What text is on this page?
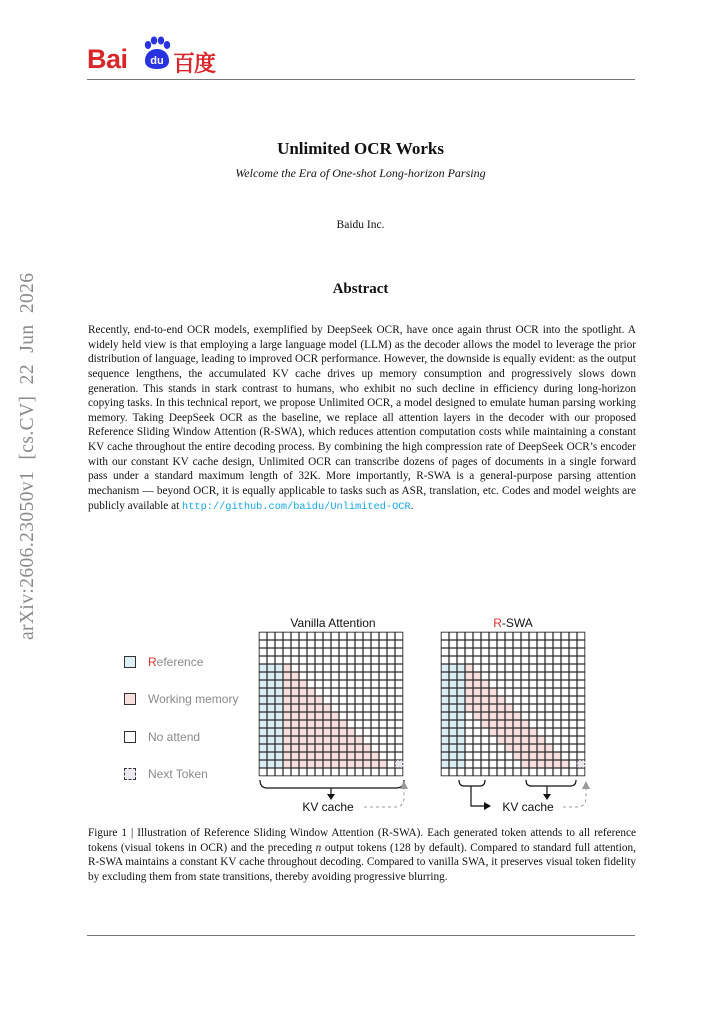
Bai du 百度
arXiv:2606.23050v1 [cs.CV] 22 Jun 2026
Unlimited OCR Works
Welcome the Era of One-shot Long-horizon Parsing
Baidu Inc.
Abstract
Recently, end-to-end OCR models, exemplified by DeepSeek OCR, have once again thrust OCR into the spotlight. A widely held view is that employing a large language model (LLM) as the decoder allows the model to leverage the prior distribution of language, leading to improved OCR performance. However, the downside is equally evident: as the output sequence lengthens, the accumulated KV cache drives up memory consumption and progressively slows down generation. This stands in stark contrast to humans, who exhibit no such decline in efficiency during long-horizon copying tasks. In this technical report, we propose Unlimited OCR, a model designed to emulate human parsing working memory. Taking DeepSeek OCR as the baseline, we replace all attention layers in the decoder with our proposed Reference Sliding Window Attention (R-SWA), which reduces attention computation costs while maintaining a constant KV cache throughout the entire decoding process. By combining the high compression rate of DeepSeek OCR’s encoder with our constant KV cache design, Unlimited OCR can transcribe dozens of pages of documents in a single forward pass under a standard maximum length of 32K. More importantly, R-SWA is a general-purpose parsing attention mechanism — beyond OCR, it is equally applicable to tasks such as ASR, translation, etc. Codes and model weights are publicly available at http://github.com/baidu/Unlimited-OCR.
Reference
Working memory
No attend
Next Token
Vanilla Attention	R-SWA
KV cache	KV cache
Figure 1 | Illustration of Reference Sliding Window Attention (R-SWA). Each generated token attends to all reference tokens (visual tokens in OCR) and the preceding n output tokens (128 by default). Compared to standard full attention, R-SWA maintains a constant KV cache throughout decoding. Compared to vanilla SWA, it preserves visual token fidelity by excluding them from state transitions, thereby avoiding progressive blurring.
